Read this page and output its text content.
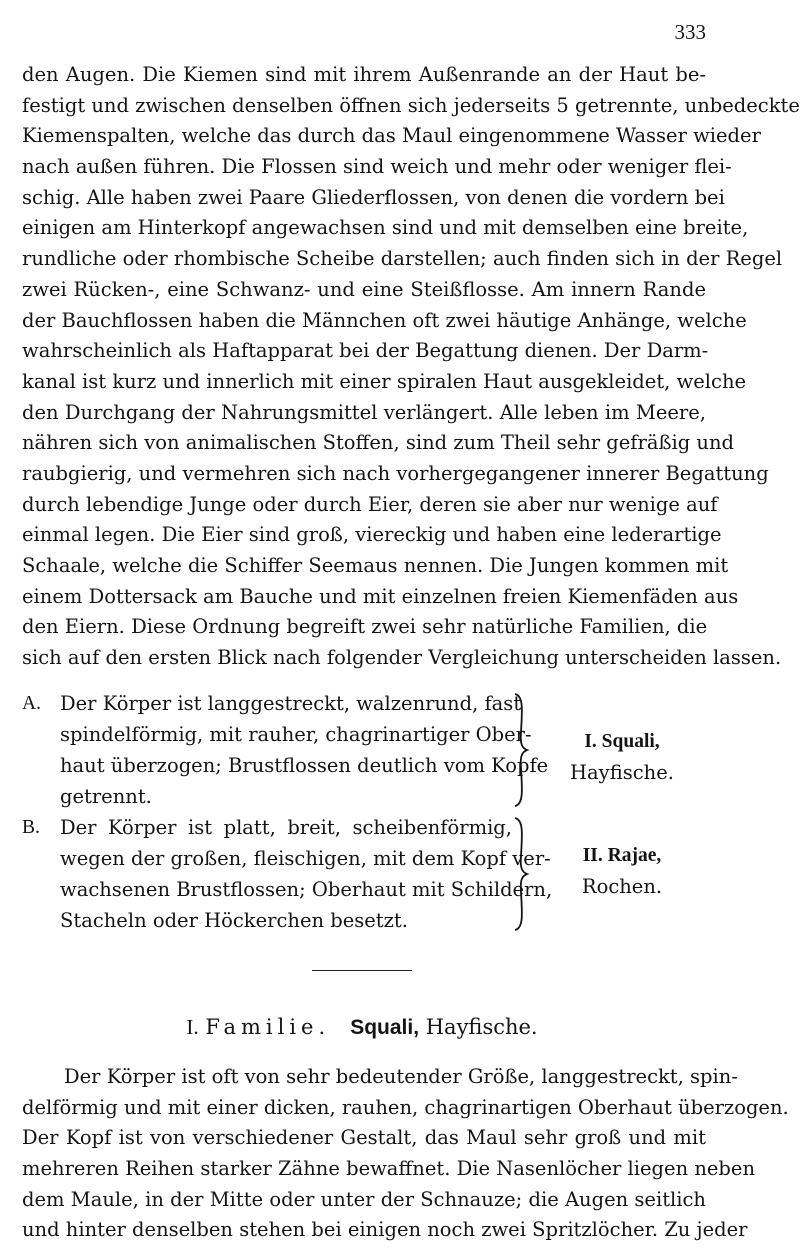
333
den Augen. Die Kiemen sind mit ihrem Außenrande an der Haut be-
festigt und zwischen denselben öffnen sich jederseits 5 getrennte, unbedeckte
Kiemenspalten, welche das durch das Maul eingenommene Wasser wieder
nach außen führen. Die Flossen sind weich und mehr oder weniger flei-
schig. Alle haben zwei Paare Gliederflossen, von denen die vordern bei
einigen am Hinterkopf angewachsen sind und mit demselben eine breite,
rundliche oder rhombische Scheibe darstellen; auch finden sich in der Regel
zwei Rücken-, eine Schwanz- und eine Steißflosse. Am innern Rande
der Bauchflossen haben die Männchen oft zwei häutige Anhänge, welche
wahrscheinlich als Haftapparat bei der Begattung dienen. Der Darm-
kanal ist kurz und innerlich mit einer spiralen Haut ausgekleidet, welche
den Durchgang der Nahrungsmittel verlängert. Alle leben im Meere,
nähren sich von animalischen Stoffen, sind zum Theil sehr gefräßig und
raubgierig, und vermehren sich nach vorhergegangener innerer Begattung
durch lebendige Junge oder durch Eier, deren sie aber nur wenige auf
einmal legen. Die Eier sind groß, viereckig und haben eine lederartige
Schaale, welche die Schiffer Seemaus nennen. Die Jungen kommen mit
einem Dottersack am Bauche und mit einzelnen freien Kiemenfäden aus
den Eiern. Diese Ordnung begreift zwei sehr natürliche Familien, die
sich auf den ersten Blick nach folgender Vergleichung unterscheiden lassen.
A. Der Körper ist langgestreckt, walzenrund, fast
spindelförmig, mit rauher, chagrinartiger Ober-
haut überzogen; Brustflossen deutlich vom Kopfe
getrennt.
I. Squali,
Hayfische.
B.	Der Körper ist platt, breit, scheibenförmig,
wegen der großen, fleischigen, mit dem Kopf ver-
wachsenen Brustflossen; Oberhaut mit Schildern,
Stacheln oder Höckerchen besetzt.
II. Rajae,
Rochen.
I. Familie. Squali, Hayfische.
Der Körper ist oft von sehr bedeutender Größe, langgestreckt, spin-
delförmig und mit einer dicken, rauhen, chagrinartigen Oberhaut überzogen.
Der Kopf ist von verschiedener Gestalt, das Maul sehr groß und mit
mehreren Reihen starker Zähne bewaffnet. Die Nasenlöcher liegen neben
dem Maule, in der Mitte oder unter der Schnauze; die Augen seitlich
und hinter denselben stehen bei einigen noch zwei Spritzlöcher. Zu jeder
